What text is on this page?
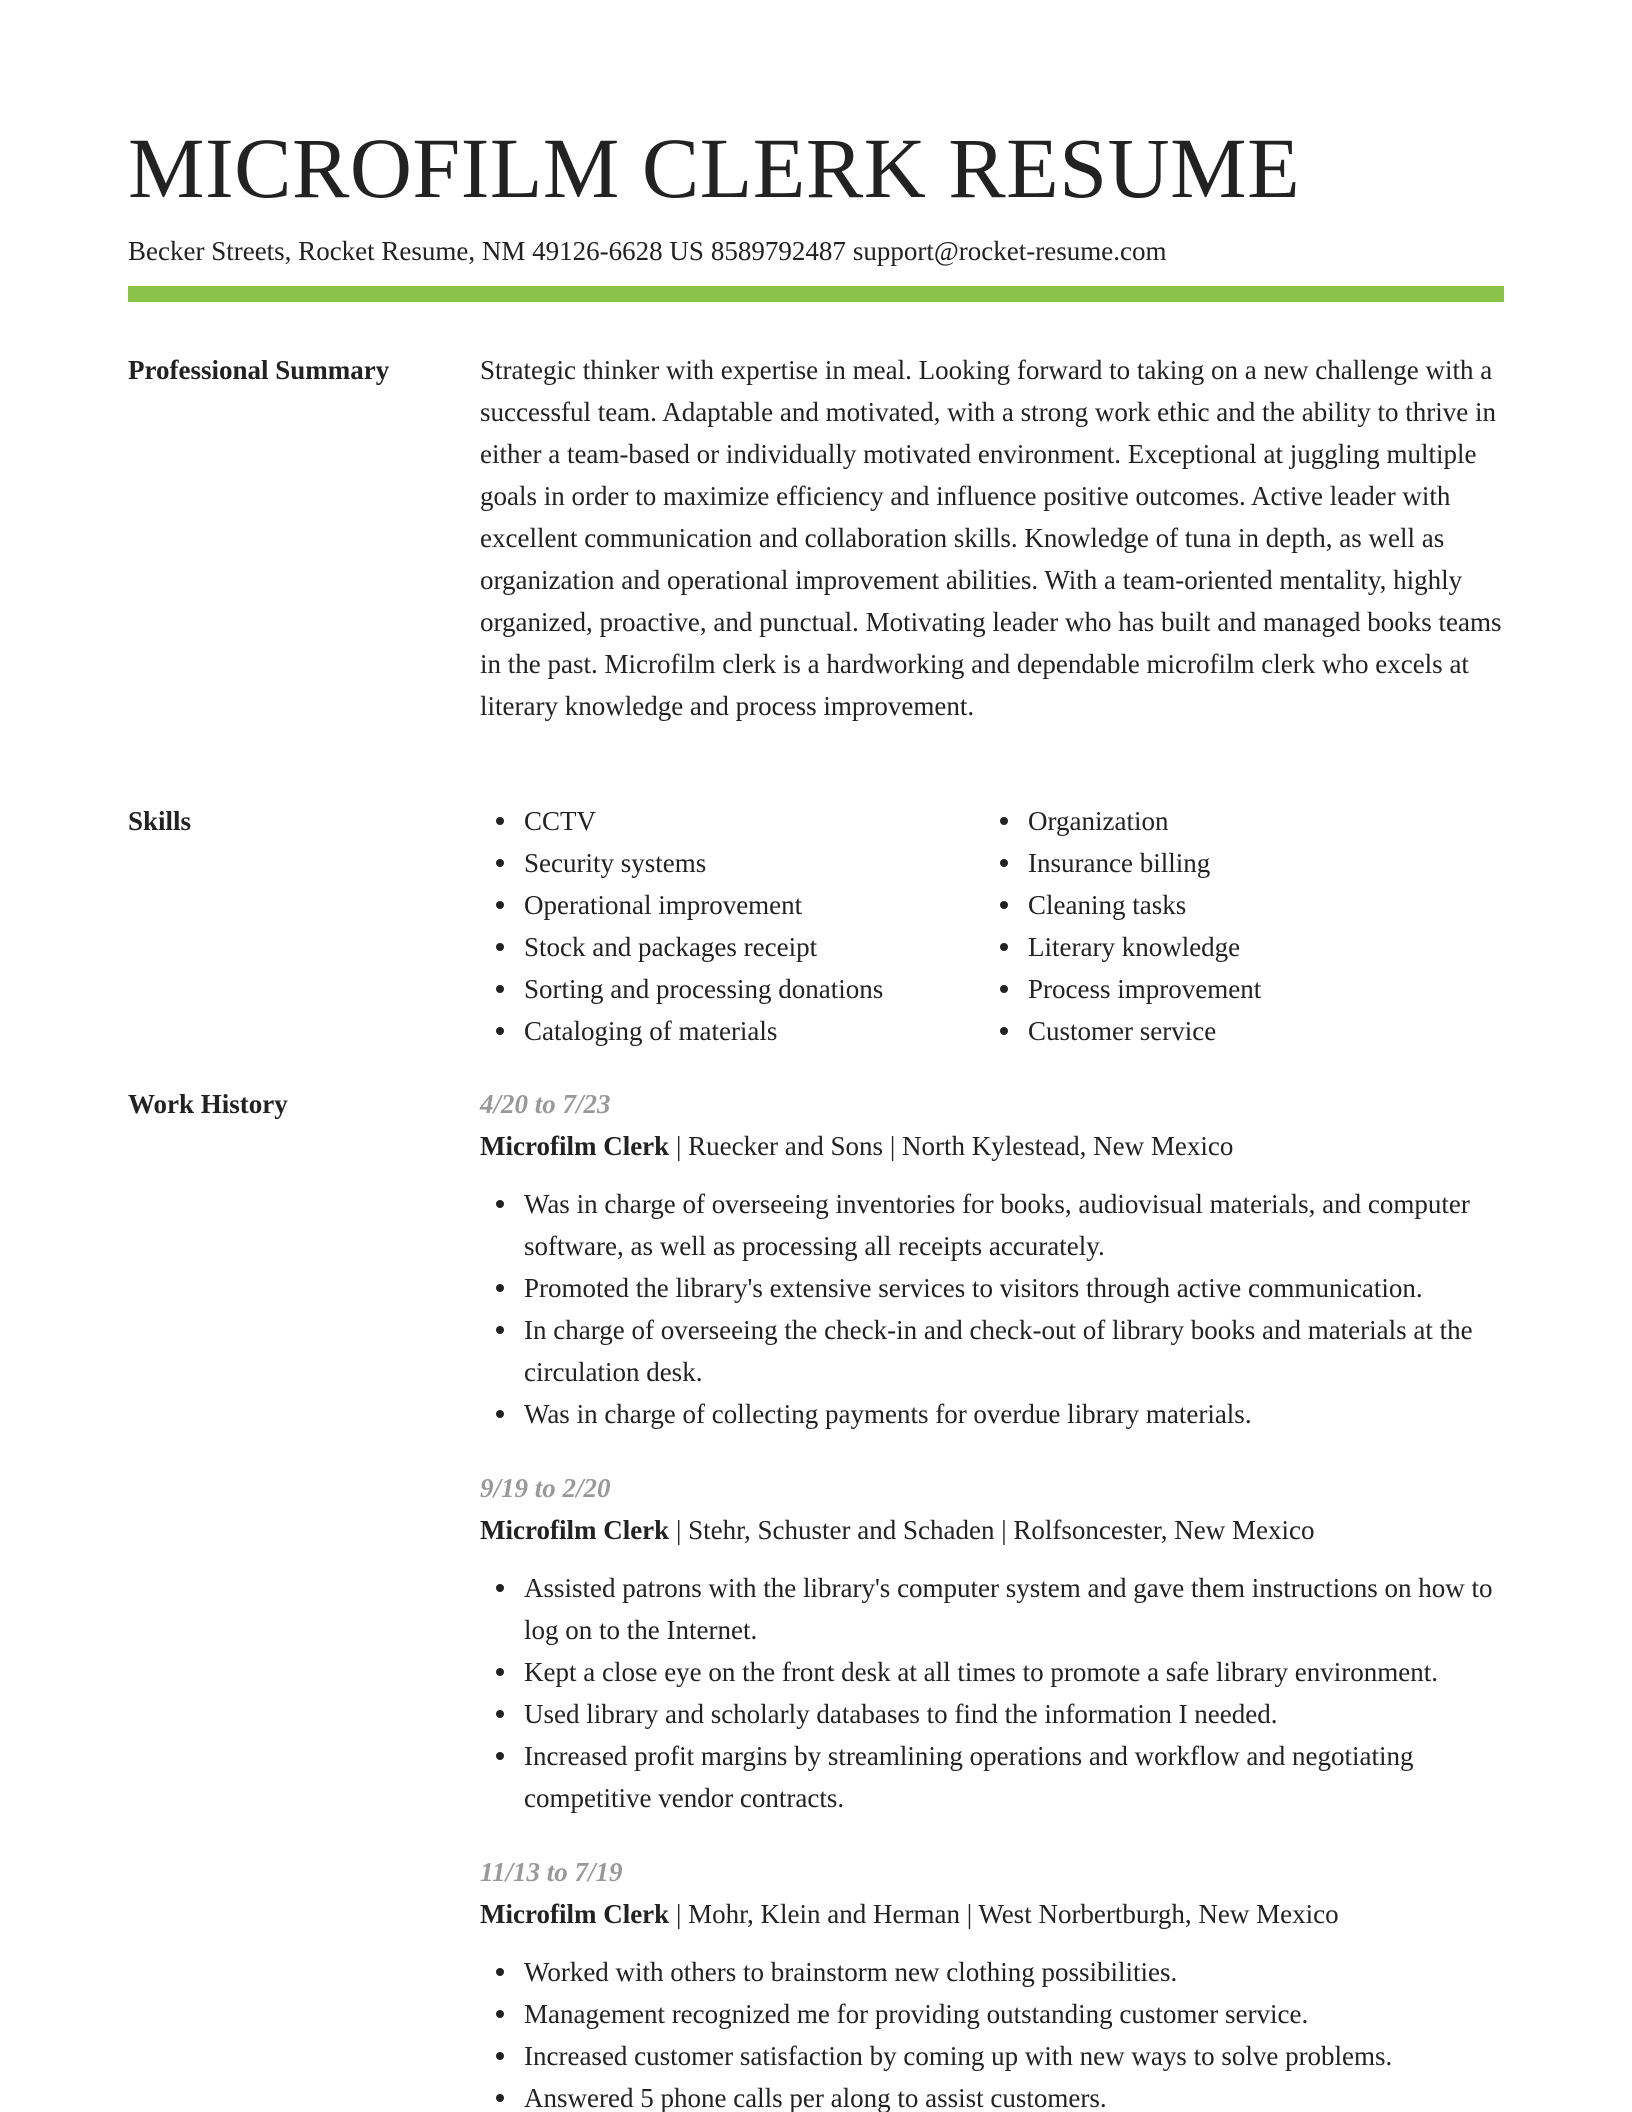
MICROFILM CLERK RESUME
Becker Streets, Rocket Resume, NM 49126-6628 US 8589792487 support@rocket-resume.com
Professional Summary	Strategic thinker with expertise in meal. Looking forward to taking on a new challenge with a successful team. Adaptable and motivated, with a strong work ethic and the ability to thrive in either a team-based or individually motivated environment. Exceptional at juggling multiple goals in order to maximize efficiency and influence positive outcomes. Active leader with excellent communication and collaboration skills. Knowledge of tuna in depth, as well as organization and operational improvement abilities. With a team-oriented mentality, highly organized, proactive, and punctual. Motivating leader who has built and managed books teams in the past. Microfilm clerk is a hardworking and dependable microfilm clerk who excels at literary knowledge and process improvement.

Skills	CCTV
Security systems
Operational improvement
Stock and packages receipt
Sorting and processing donations
Cataloging of materials
Organization
Insurance billing
Cleaning tasks
Literary knowledge
Process improvement
Customer service
Work History	4/20 to 7/23
Microfilm Clerk | Ruecker and Sons | North Kylestead, New Mexico
Was in charge of overseeing inventories for books, audiovisual materials, and computer software, as well as processing all receipts accurately.
Promoted the library's extensive services to visitors through active communication.
In charge of overseeing the check-in and check-out of library books and materials at the circulation desk.
Was in charge of collecting payments for overdue library materials.
9/19 to 2/20
Microfilm Clerk | Stehr, Schuster and Schaden | Rolfsoncester, New Mexico
Assisted patrons with the library's computer system and gave them instructions on how to log on to the Internet.
Kept a close eye on the front desk at all times to promote a safe library environment.
Used library and scholarly databases to find the information I needed.
Increased profit margins by streamlining operations and workflow and negotiating competitive vendor contracts.
11/13 to 7/19
Microfilm Clerk | Mohr, Klein and Herman | West Norbertburgh, New Mexico
Worked with others to brainstorm new clothing possibilities.
Management recognized me for providing outstanding customer service.
Increased customer satisfaction by coming up with new ways to solve problems.
Answered 5 phone calls per along to assist customers.
